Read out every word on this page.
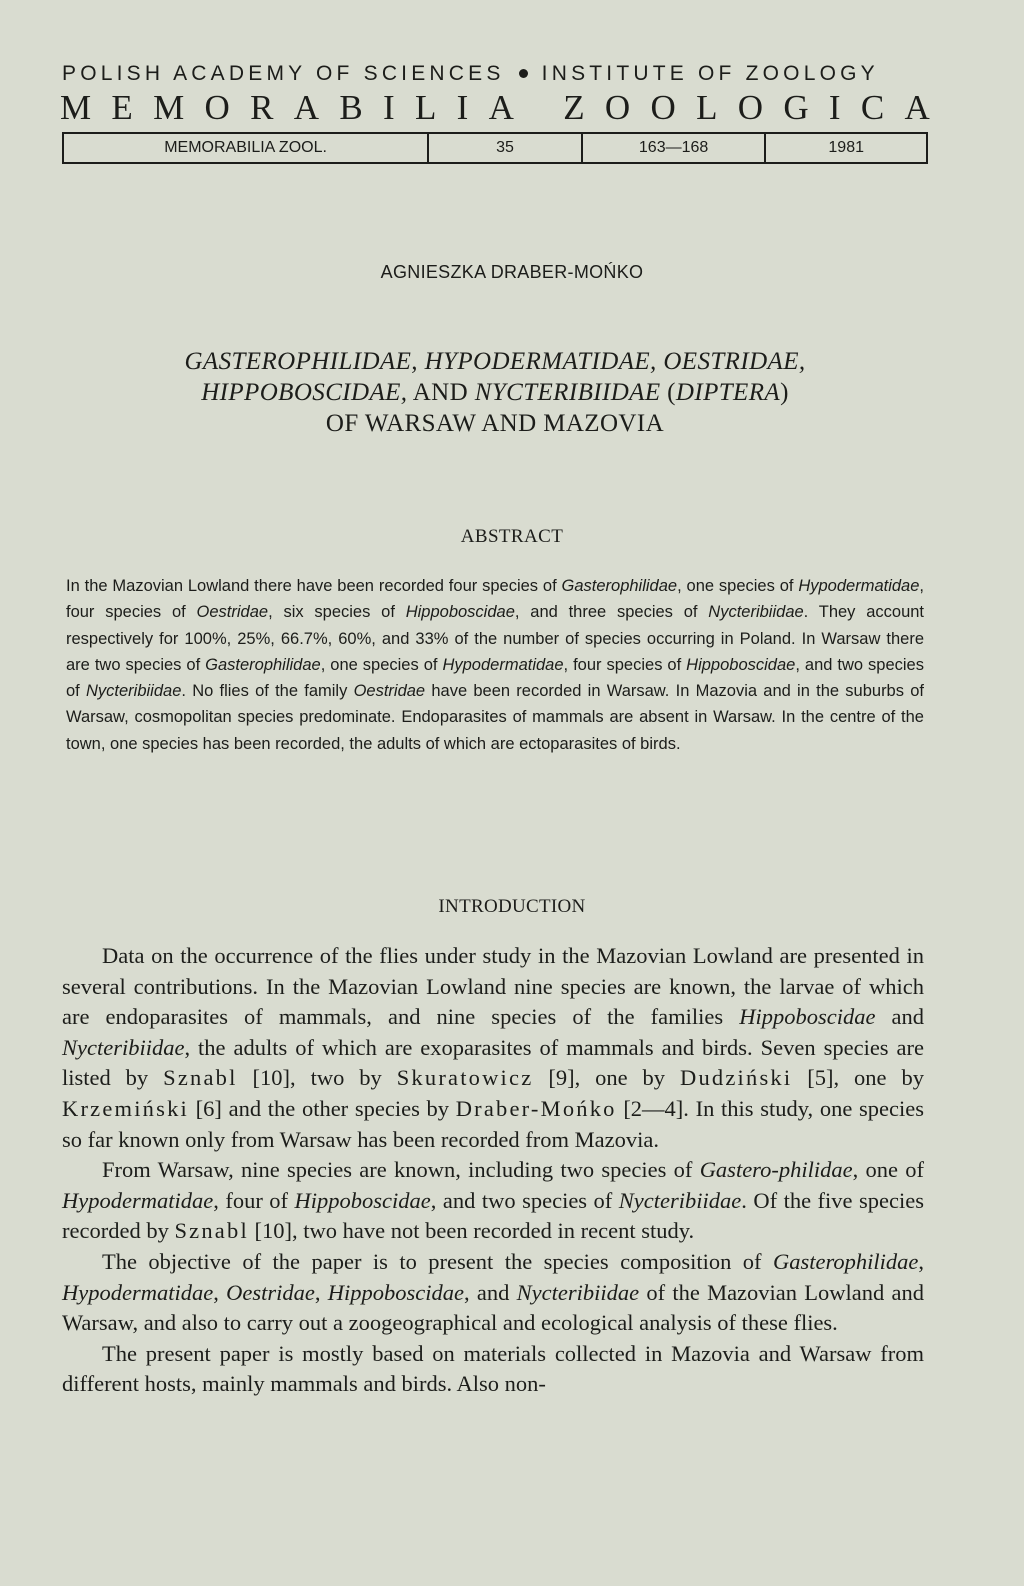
POLISH ACADEMY OF SCIENCES INSTITUTE OF ZOOLOGY
M E M O R A B I L I A
Z O O L O G I C A
MEMORABILIA ZOOL.	35	163—168	1981
AGNIESZKA DRABER-MOŃKO
GASTEROPHILIDAE, HYPODERMATIDAE, OESTRIDAE,
HIPPOBOSCIDAE, AND NYCTERIBIIDAE (DIPTERA)
OF WARSAW AND MAZOVIA
ABSTRACT
In the Mazovian Lowland there have been recorded four species of Gasterophilidae, one species of Hypodermatidae, four species of Oestridae, six species of Hippoboscidae, and three species of Nycteribiidae. They account respectively for 100%, 25%, 66.7%, 60%, and 33% of the number of species occurring in Poland. In Warsaw there are two species of Gasterophilidae, one species of Hypodermatidae, four species of Hippoboscidae, and two species of Nycteribiidae. No flies of the family Oestridae have been recorded in Warsaw. In Mazovia and in the suburbs of Warsaw, cosmopolitan species predominate. Endoparasites of mammals are absent in Warsaw. In the centre of the town, one species has been recorded, the adults of which are ectoparasites of birds.
INTRODUCTION

Data on the occurrence of the flies under study in the Mazovian Lowland are presented in several contributions. In the Mazovian Lowland nine species are known, the larvae of which are endoparasites of mammals, and nine species of the families Hippoboscidae and Nycteribiidae, the adults of which are exoparasites of mammals and birds. Seven species are listed by Sznabl [10], two by Skuratowicz [9], one by Dudziński [5], one by Krzemiński [6] and the other species by Draber-Mońko [2—4]. In this study, one species so far known only from Warsaw has been recorded from Mazovia.

From Warsaw, nine species are known, including two species of Gastero-philidae, one of Hypodermatidae, four of Hippoboscidae, and two species of Nycteribiidae. Of the five species recorded by Sznabl [10], two have not been recorded in recent study.

The objective of the paper is to present the species composition of Gasterophilidae, Hypodermatidae, Oestridae, Hippoboscidae, and Nycteribiidae of the Mazovian Lowland and Warsaw, and also to carry out a zoogeographical and ecological analysis of these flies.

The present paper is mostly based on materials collected in Mazovia and Warsaw from different hosts, mainly mammals and birds. Also non-
